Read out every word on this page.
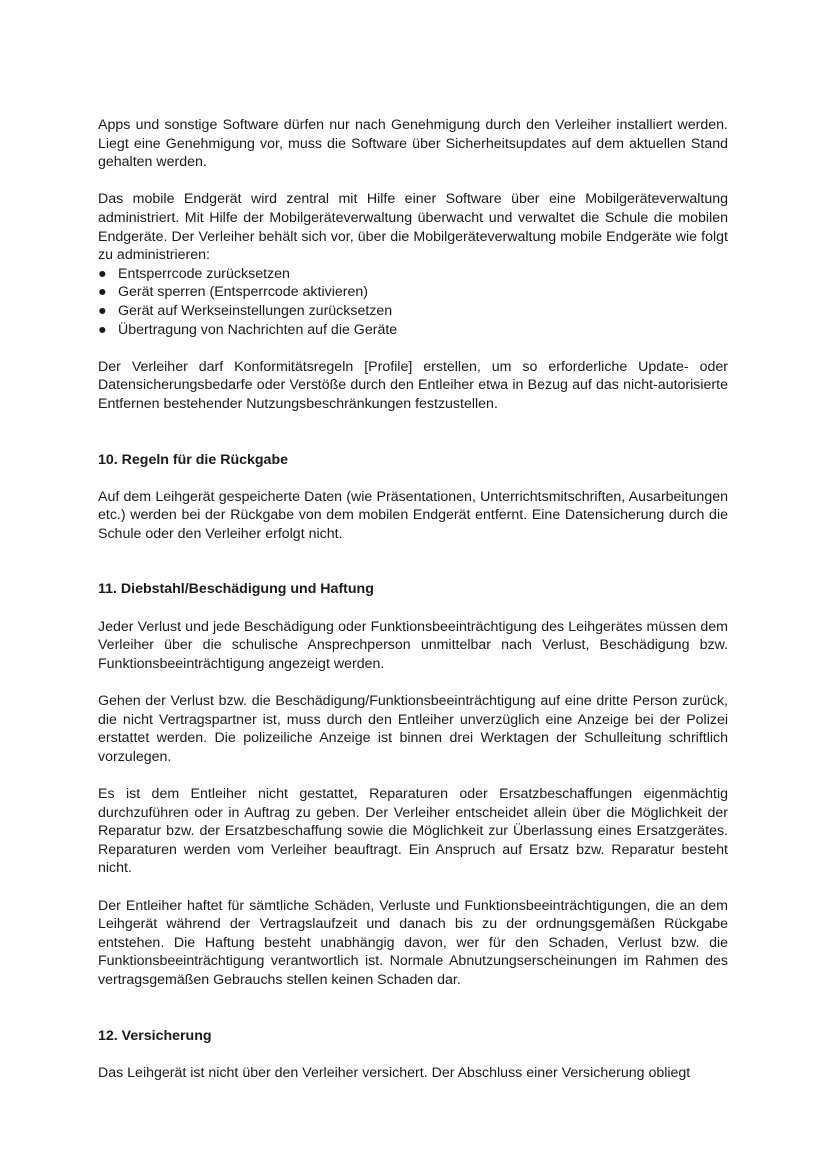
Apps und sonstige Software dürfen nur nach Genehmigung durch den Verleiher installiert werden. Liegt eine Genehmigung vor, muss die Software über Sicherheitsupdates auf dem aktuellen Stand gehalten werden.

Das mobile Endgerät wird zentral mit Hilfe einer Software über eine Mobilgeräteverwaltung administriert. Mit Hilfe der Mobilgeräteverwaltung überwacht und verwaltet die Schule die mobilen Endgeräte. Der Verleiher behält sich vor, über die Mobilgeräteverwaltung mobile Endgeräte wie folgt zu administrieren:

● Entsperrcode zurücksetzen
● Gerät sperren (Entsperrcode aktivieren)
● Gerät auf Werkseinstellungen zurücksetzen
● Übertragung von Nachrichten auf die Geräte

Der Verleiher darf Konformitätsregeln [Profile] erstellen, um so erforderliche Update- oder Datensicherungsbedarfe oder Verstöße durch den Entleiher etwa in Bezug auf das nicht-autorisierte Entfernen bestehender Nutzungsbeschränkungen festzustellen.

10. Regeln für die Rückgabe

Auf dem Leihgerät gespeicherte Daten (wie Präsentationen, Unterrichtsmitschriften, Ausarbeitungen etc.) werden bei der Rückgabe von dem mobilen Endgerät entfernt. Eine Datensicherung durch die Schule oder den Verleiher erfolgt nicht.

11. Diebstahl/Beschädigung und Haftung

Jeder Verlust und jede Beschädigung oder Funktionsbeeinträchtigung des Leihgerätes müssen dem Verleiher über die schulische Ansprechperson unmittelbar nach Verlust, Beschädigung bzw. Funktionsbeeinträchtigung angezeigt werden.

Gehen der Verlust bzw. die Beschädigung/Funktionsbeeinträchtigung auf eine dritte Person zurück, die nicht Vertragspartner ist, muss durch den Entleiher unverzüglich eine Anzeige bei der Polizei erstattet werden. Die polizeiliche Anzeige ist binnen drei Werktagen der Schulleitung schriftlich vorzulegen.

Es ist dem Entleiher nicht gestattet, Reparaturen oder Ersatzbeschaffungen eigenmächtig durchzuführen oder in Auftrag zu geben. Der Verleiher entscheidet allein über die Möglichkeit der Reparatur bzw. der Ersatzbeschaffung sowie die Möglichkeit zur Überlassung eines Ersatzgerätes. Reparaturen werden vom Verleiher beauftragt. Ein Anspruch auf Ersatz bzw. Reparatur besteht nicht.

Der Entleiher haftet für sämtliche Schäden, Verluste und Funktionsbeeinträchtigungen, die an dem Leihgerät während der Vertragslaufzeit und danach bis zu der ordnungsgemäßen Rückgabe entstehen. Die Haftung besteht unabhängig davon, wer für den Schaden, Verlust bzw. die Funktionsbeeinträchtigung verantwortlich ist. Normale Abnutzungserscheinungen im Rahmen des vertragsgemäßen Gebrauchs stellen keinen Schaden dar.

12. Versicherung

Das Leihgerät ist nicht über den Verleiher versichert. Der Abschluss einer Versicherung obliegt
